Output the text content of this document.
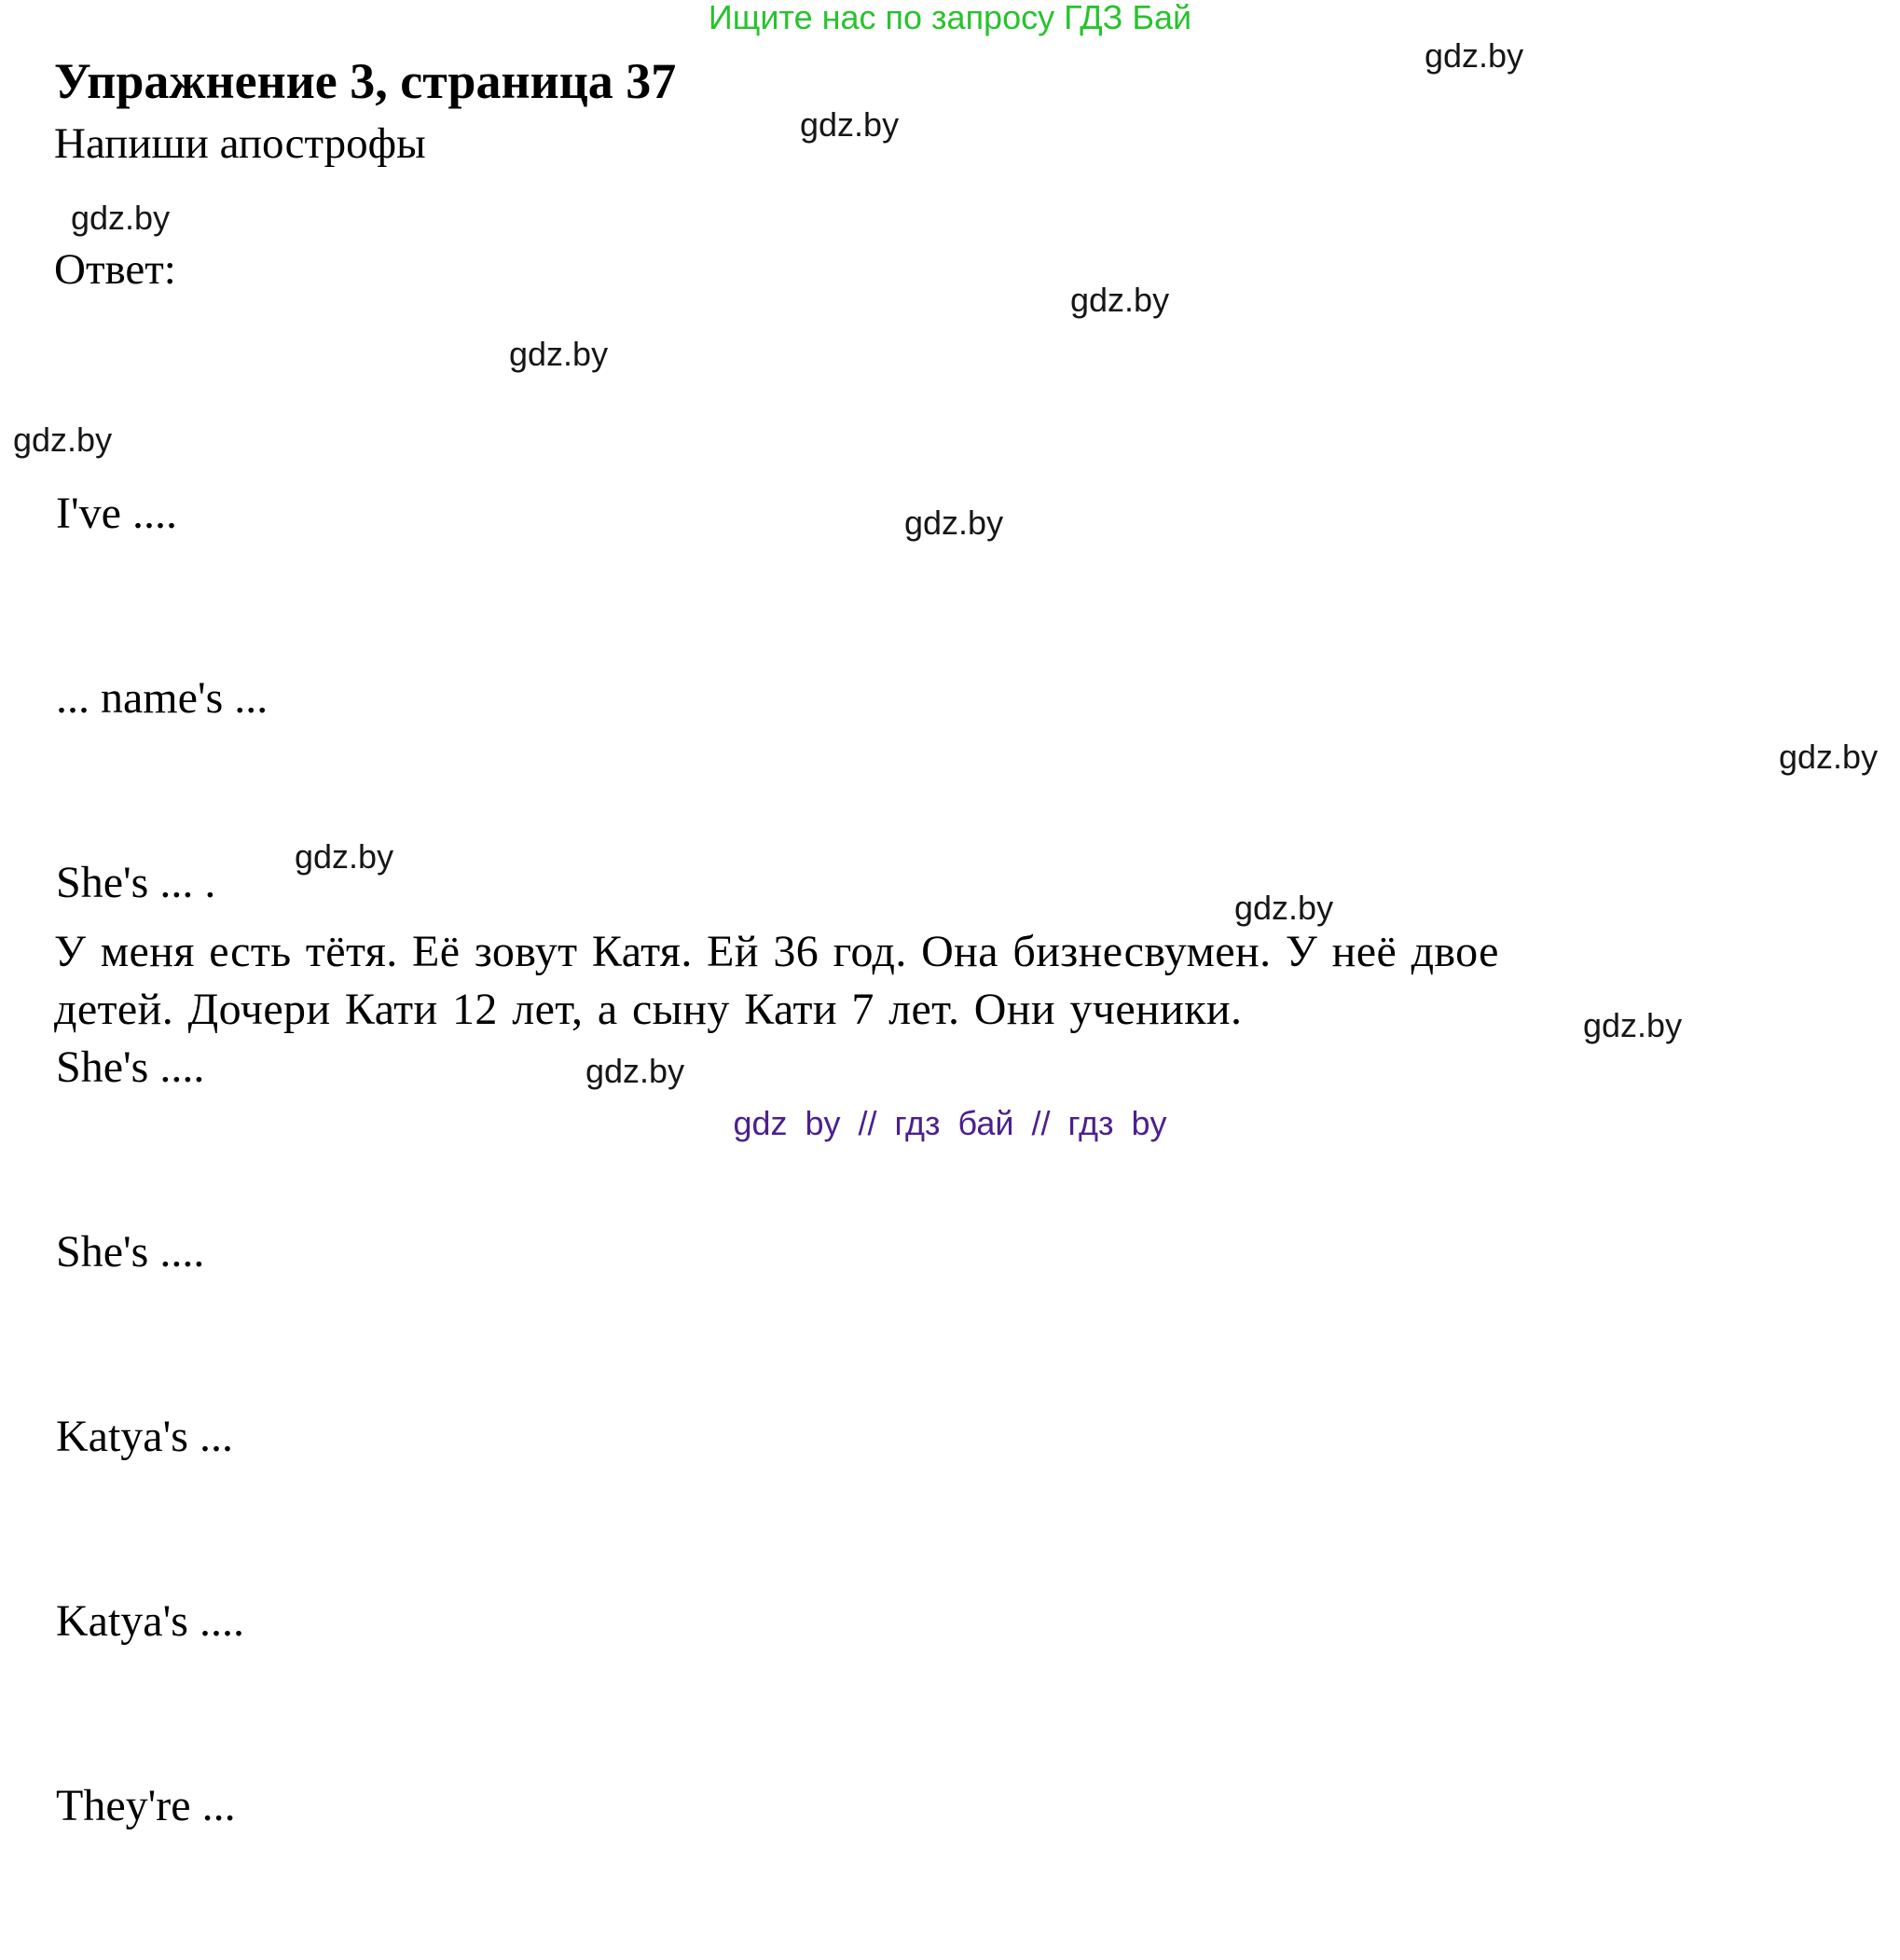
Ищите нас по запросу ГДЗ Бай
Упражнение 3, страница 37
Напиши апострофы
Ответ:

I've ....

... name's ...

She's ... .

She's ....

She's ....

Katya's ...

Katya's ....

They're ...

У меня есть тётя. Её зовут Катя. Ей 36 год. Она бизнесвумен. У неё двое
детей. Дочери Кати 12 лет, а сыну Кати 7 лет. Они ученики.
gdz.by
gdz.by
gdz.by
gdz.by
gdz.by
gdz.by
gdz.by
gdz.by
gdz.by
gdz.by
gdz.by
gdz.by
gdz by // гдз бай // гдз by
